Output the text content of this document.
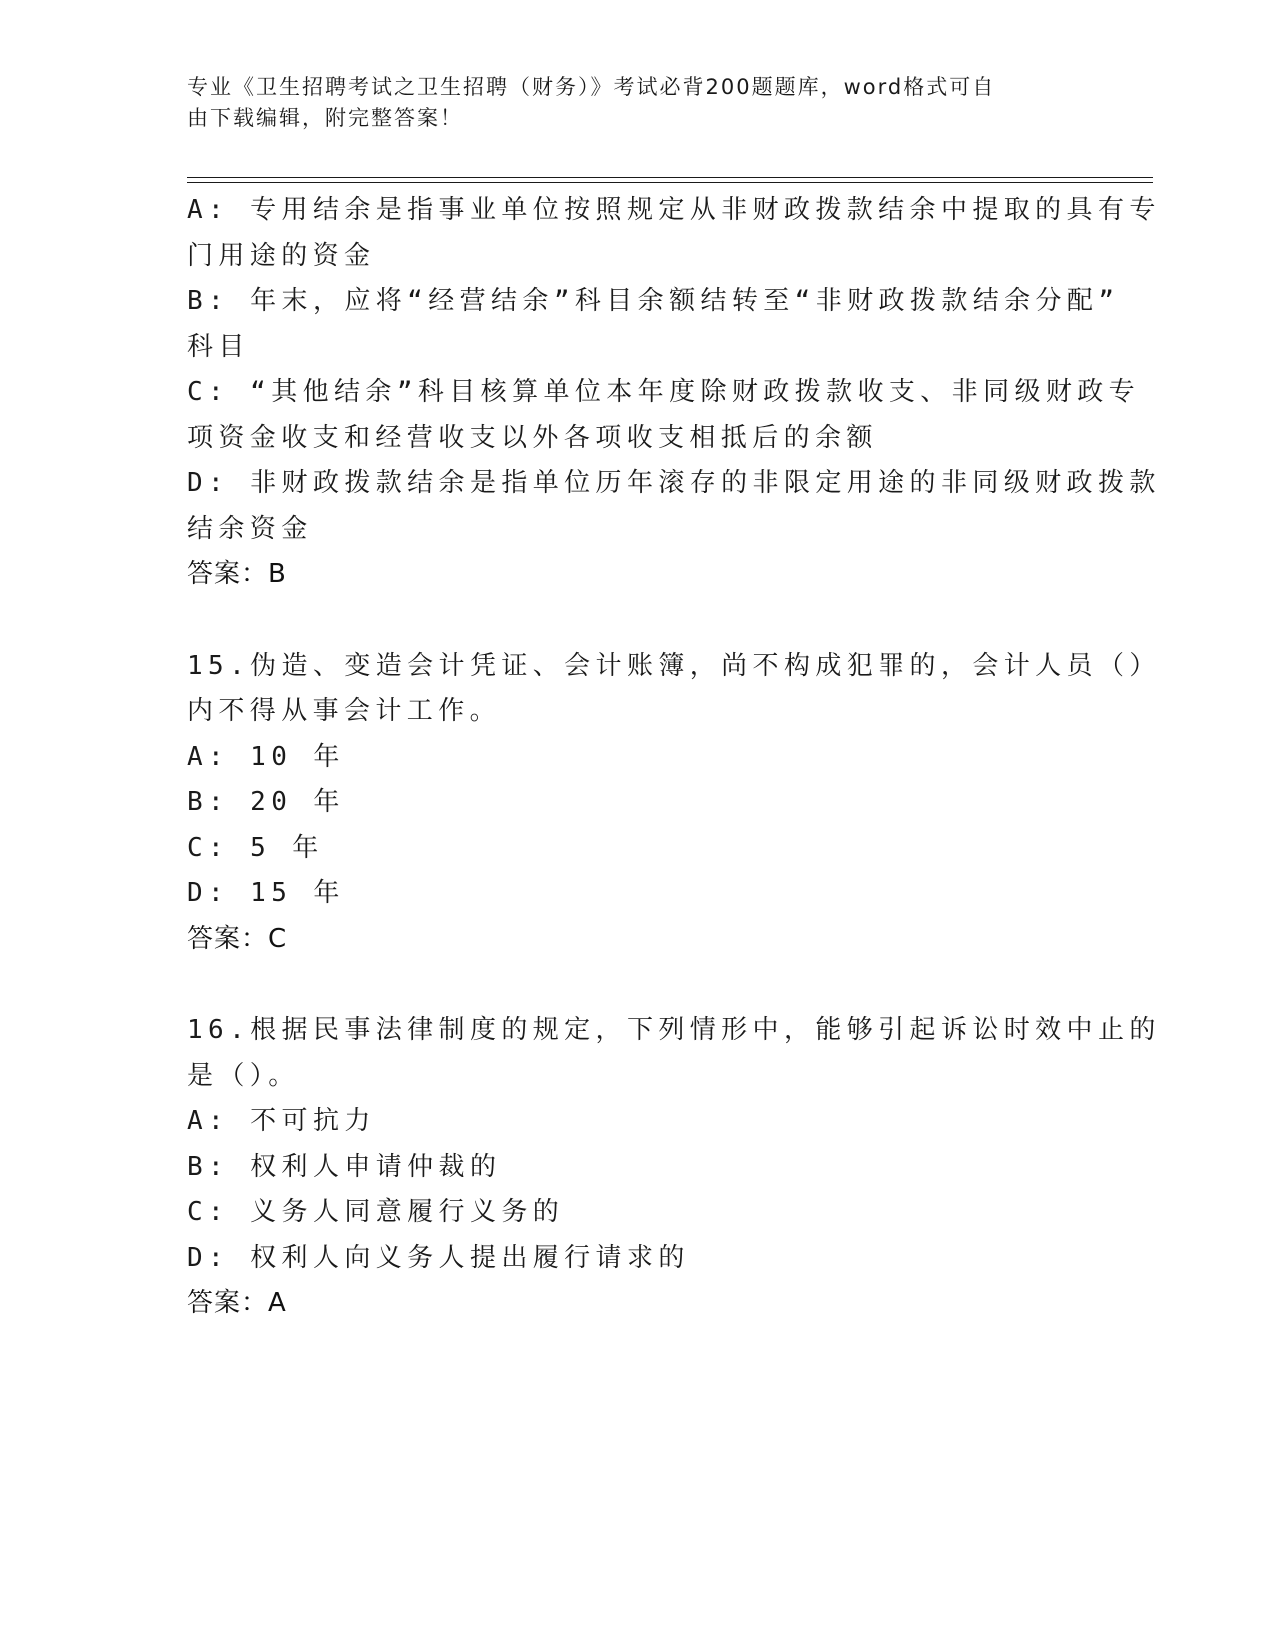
专业《卫生招聘考试之卫生招聘（财务）》考试必背200题题库，word格式可自
由下载编辑，附完整答案！
A: 专用结余是指事业单位按照规定从非财政拨款结余中提取的具有专
门用途的资金
B: 年末，应将“经营结余”科目余额结转至“非财政拨款结余分配”
科目
C: “其他结余”科目核算单位本年度除财政拨款收支、非同级财政专
项资金收支和经营收支以外各项收支相抵后的余额
D: 非财政拨款结余是指单位历年滚存的非限定用途的非同级财政拨款
结余资金
答案：B
15.伪造、变造会计凭证、会计账簿，尚不构成犯罪的，会计人员（）
内不得从事会计工作。
A: 10 年
B: 20 年
C: 5 年
D: 15 年
答案：C
16.根据民事法律制度的规定，下列情形中，能够引起诉讼时效中止的
是（）。
A: 不可抗力
B: 权利人申请仲裁的
C: 义务人同意履行义务的
D: 权利人向义务人提出履行请求的
答案：A
